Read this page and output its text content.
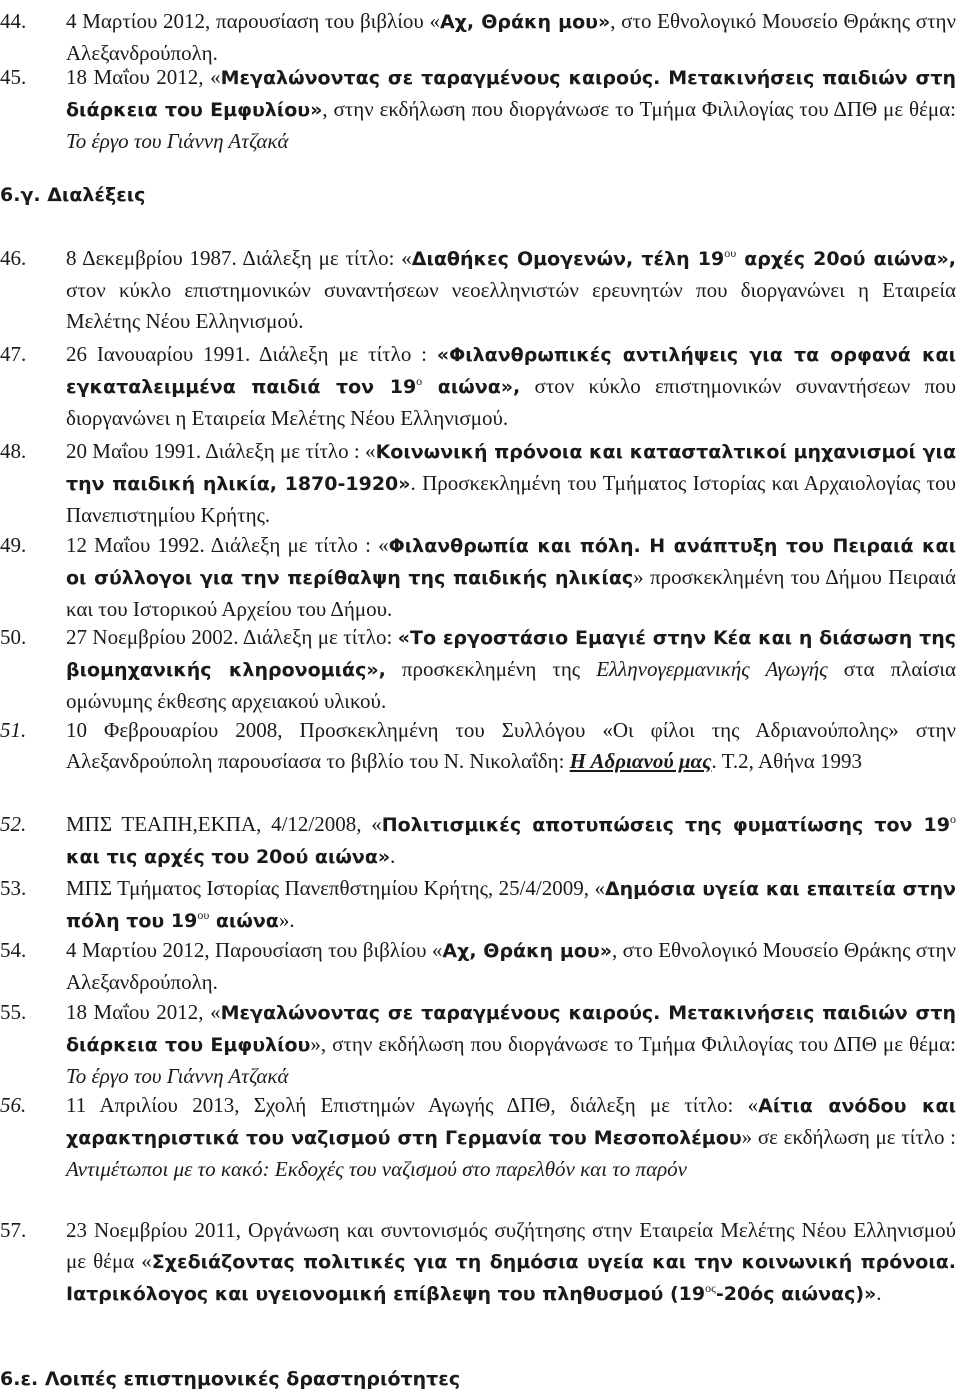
44. 4 Μαρτίου 2012, παρουσίαση του βιβλίου «Αχ, Θράκη μου», στο Εθνολογικό Μουσείο Θράκης στην Αλεξανδρούπολη.
45. 18 Μαΐου 2012, «Μεγαλώνοντας σε ταραγμένους καιρούς. Μετακινήσεις παιδιών στη διάρκεια του Εμφυλίου», στην εκδήλωση που διοργάνωσε το Τμήμα Φιλιλογίας του ΔΠΘ με θέμα: Το έργο του Γιάννη Ατζακά
46. 8 Δεκεμβρίου 1987. Διάλεξη με τίτλο: «Διαθήκες Ομογενών, τέλη $19^{o\upsilon}$ αρχές 20ού αιώνα», στον κύκλο επιστημονικών συναντήσεων νεοελληνιστών ερευνητών που διοργανώνει η Εταιρεία Μελέτης Νέου Ελληνισμού.
47. 26 Ιανουαρίου 1991. Διάλεξη με τίτλο : «Φιλανθρωπικές αντιλήψεις για τα ορφανά και εγκαταλειμμένα παιδιά τον $19^o$ αιώνα», στον κύκλο επιστημονικών συναντήσεων που διοργανώνει η Εταιρεία Μελέτης Νέου Ελληνισμού.
48. 20 Μαΐου 1991. Διάλεξη με τίτλο : «Κοινωνική πρόνοια και κατασταλτικοί μηχανισμοί για την παιδική ηλικία, 1870-1920». Προσκεκλημένη του Τμήματος Ιστορίας και Αρχαιολογίας του Πανεπιστημίου Κρήτης.
49. 12 Μαΐου 1992. Διάλεξη με τίτλο : «Φιλανθρωπία και πόλη. Η ανάπτυξη του Πειραιά και οι σύλλογοι για την περίθαλψη της παιδικής ηλικίας» προσκεκλημένη του Δήμου Πειραιά και του Ιστορικού Αρχείου του Δήμου.
50. 27 Νοεμβρίου 2002. Διάλεξη με τίτλο: «Το εργοστάσιο Εμαγιέ στην Κέα και η διάσωση της βιομηχανικής κληρονομιάς», προσκεκλημένη της Ελληνογερμανικής Αγωγής στα πλαίσια ομώνυμης έκθεσης αρχειακού υλικού.
51. 10 Φεβρουαρίου 2008, Προσκεκλημένη του Συλλόγου «Οι φίλοι της Αδριανούπολης» στην Αλεξανδρούπολη παρουσίασα το βιβλίο του Ν. Νικολαΐδη: Η Αδριανού μας. Τ.2, Αθήνα 1993
52. ΜΠΣ ΤΕΑΠΗ,ΕΚΠΑ, 4/12/2008, «Πολιτισμικές αποτυπώσεις της φυματίωσης τον $19^o$ και τις αρχές του 20ού αιώνα».
53. ΜΠΣ Τμήματος Ιστορίας Πανεπθστημίου Κρήτης, 25/4/2009, «Δημόσια υγεία και επαιτεία στην πόλη του $19^{o\upsilon}$ αιώνα».
54. 4 Μαρτίου 2012, Παρουσίαση του βιβλίου «Αχ, Θράκη μου», στο Εθνολογικό Μουσείο Θράκης στην Αλεξανδρούπολη.
55. 18 Μαΐου 2012, «Μεγαλώνοντας σε ταραγμένους καιρούς. Μετακινήσεις παιδιών στη διάρκεια του Εμφυλίου», στην εκδήλωση που διοργάνωσε το Τμήμα Φιλιλογίας του ΔΠΘ με θέμα: Το έργο του Γιάννη Ατζακά
56. 11 Απριλίου 2013, Σχολή Επιστημών Αγωγής ΔΠΘ, διάλεξη με τίτλο: «Αίτια ανόδου και χαρακτηριστικά του ναζισμού στη Γερμανία του Μεσοπολέμου» σε εκδήλωση με τίτλο : Αντιμέτωποι με το κακό: Εκδοχές του ναζισμού στο παρελθόν και το παρόν
57. 23 Νοεμβρίου 2011, Οργάνωση και συντονισμός συζήτησης στην Εταιρεία Μελέτης Νέου Ελληνισμού με θέμα «Σχεδιάζοντας πολιτικές για τη δημόσια υγεία και την κοινωνική πρόνοια. Ιατρικόλογος και υγειονομική επίβλεψη του πληθυσμού ($19^{o\varsigma}-20ό\varsigma$ αιώνας)».
6.γ. Διαλέξεις
6.ε. Λοιπές επιστημονικές δραστηριότητες
